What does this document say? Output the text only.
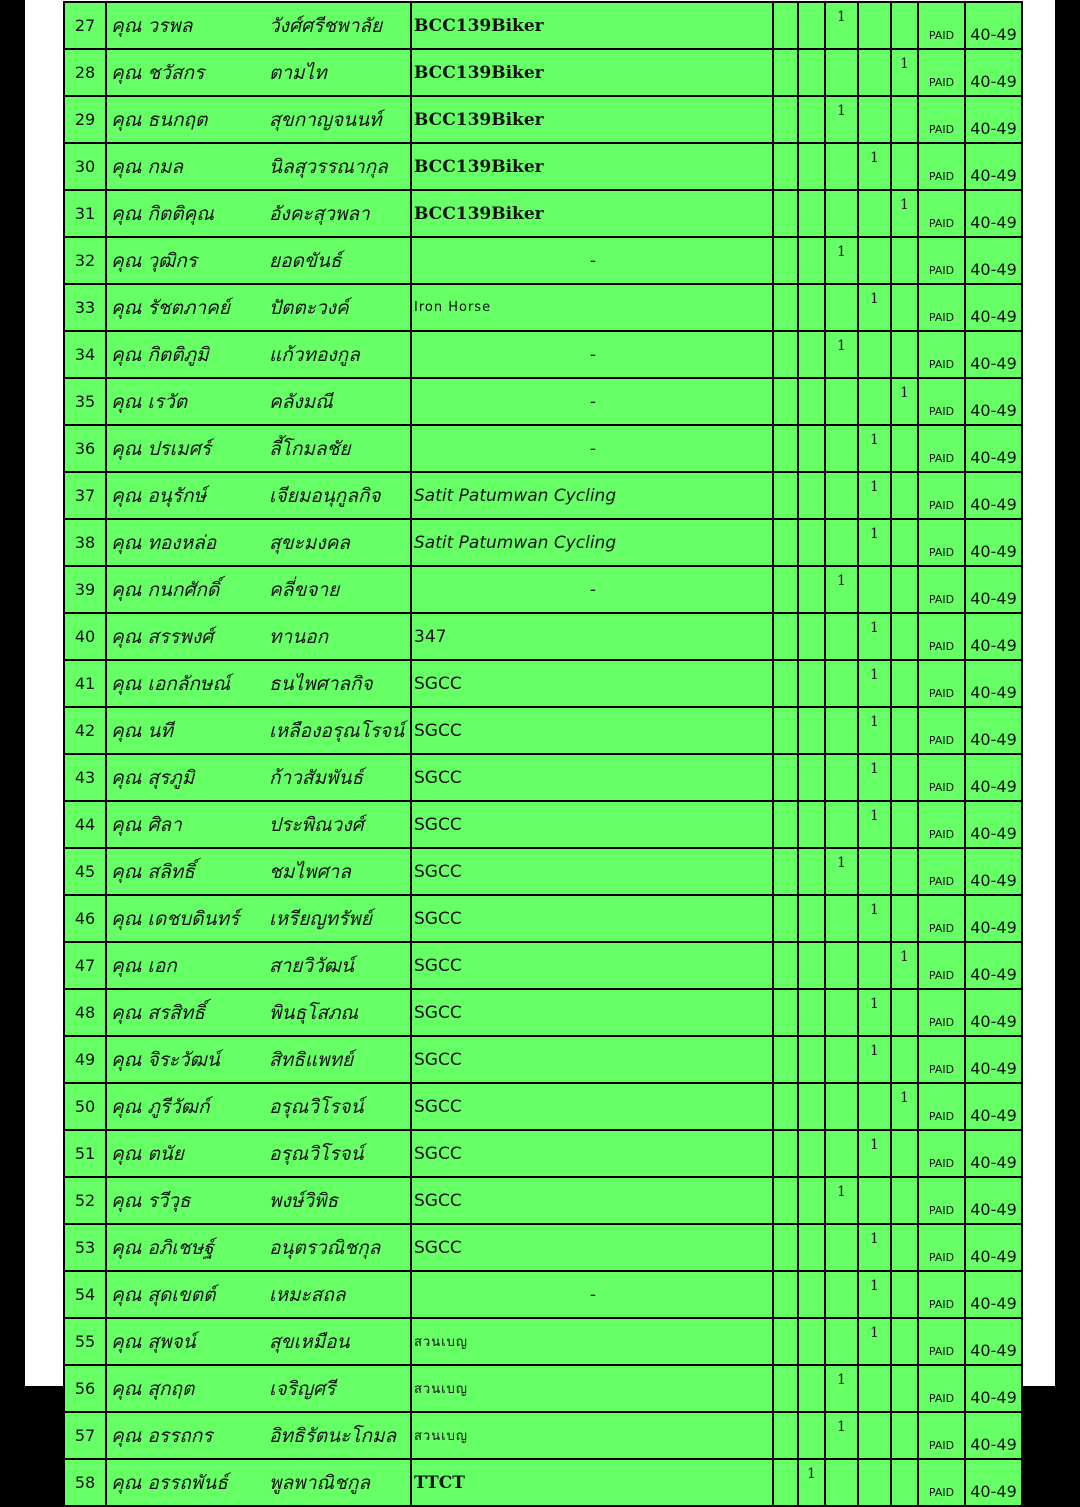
27	คุณ วรพล	วังศ์ศรีชพาลัย	BCC139Biker			1			PAID	40-49
28	คุณ ชวัสกร	ตามไท	BCC139Biker					1	PAID	40-49
29	คุณ ธนกฤต	สุขกาญจนนท์	BCC139Biker			1			PAID	40-49
30	คุณ กมล	นิลสุวรรณากุล	BCC139Biker				1		PAID	40-49
31	คุณ กิตติคุณ	อังคะสุวพลา	BCC139Biker					1	PAID	40-49
32	คุณ วุฒิกร	ยอดขันธ์	-			1			PAID	40-49
33	คุณ รัชตภาคย์	ปัตตะวงค์	Iron Horse				1		PAID	40-49
34	คุณ กิตติภูมิ	แก้วทองกูล	-			1			PAID	40-49
35	คุณ เรวัต	คลังมณี	-					1	PAID	40-49
36	คุณ ปรเมศร์	ลี้โกมลชัย	-				1		PAID	40-49
37	คุณ อนุรักษ์	เจียมอนุกูลกิจ	Satit Patumwan Cycling				1		PAID	40-49
38	คุณ ทองหล่อ	สุขะมงคล	Satit Patumwan Cycling				1		PAID	40-49
39	คุณ กนกศักดิ์	คลี่ขจาย	-			1			PAID	40-49
40	คุณ สรรพงศ์	ทานอก	347				1		PAID	40-49
41	คุณ เอกลักษณ์	ธนไพศาลกิจ	SGCC				1		PAID	40-49
42	คุณ นที	เหลืองอรุณโรจน์	SGCC				1		PAID	40-49
43	คุณ สุรภูมิ	ก้าวสัมพันธ์	SGCC				1		PAID	40-49
44	คุณ ศิลา	ประพิณวงศ์	SGCC				1		PAID	40-49
45	คุณ สลิทธิ์	ชมไพศาล	SGCC			1			PAID	40-49
46	คุณ เดชบดินทร์	เหรียญทรัพย์	SGCC				1		PAID	40-49
47	คุณ เอก	สายวิวัฒน์	SGCC					1	PAID	40-49
48	คุณ สรสิทธิ์	พินธุโสภณ	SGCC				1		PAID	40-49
49	คุณ จิระวัฒน์	สิทธิแพทย์	SGCC				1		PAID	40-49
50	คุณ ภูรีวัฒก์	อรุณวิโรจน์	SGCC					1	PAID	40-49
51	คุณ ตนัย	อรุณวิโรจน์	SGCC				1		PAID	40-49
52	คุณ รวีวุธ	พงษ์วิพิธ	SGCC			1			PAID	40-49
53	คุณ อภิเชษฐ์	อนุตรวณิชกุล	SGCC				1		PAID	40-49
54	คุณ สุดเขตต์	เหมะสถล	-				1		PAID	40-49
55	คุณ สุพจน์	สุขเหมือน	สวนเบญ				1		PAID	40-49
56	คุณ สุกฤต	เจริญศรี	สวนเบญ			1			PAID	40-49
57	คุณ อรรถกร	อิทธิรัตนะโกมล	สวนเบญ			1			PAID	40-49
58	คุณ อรรถพันธ์	พูลพาณิชกูล	TTCT		1				PAID	40-49
